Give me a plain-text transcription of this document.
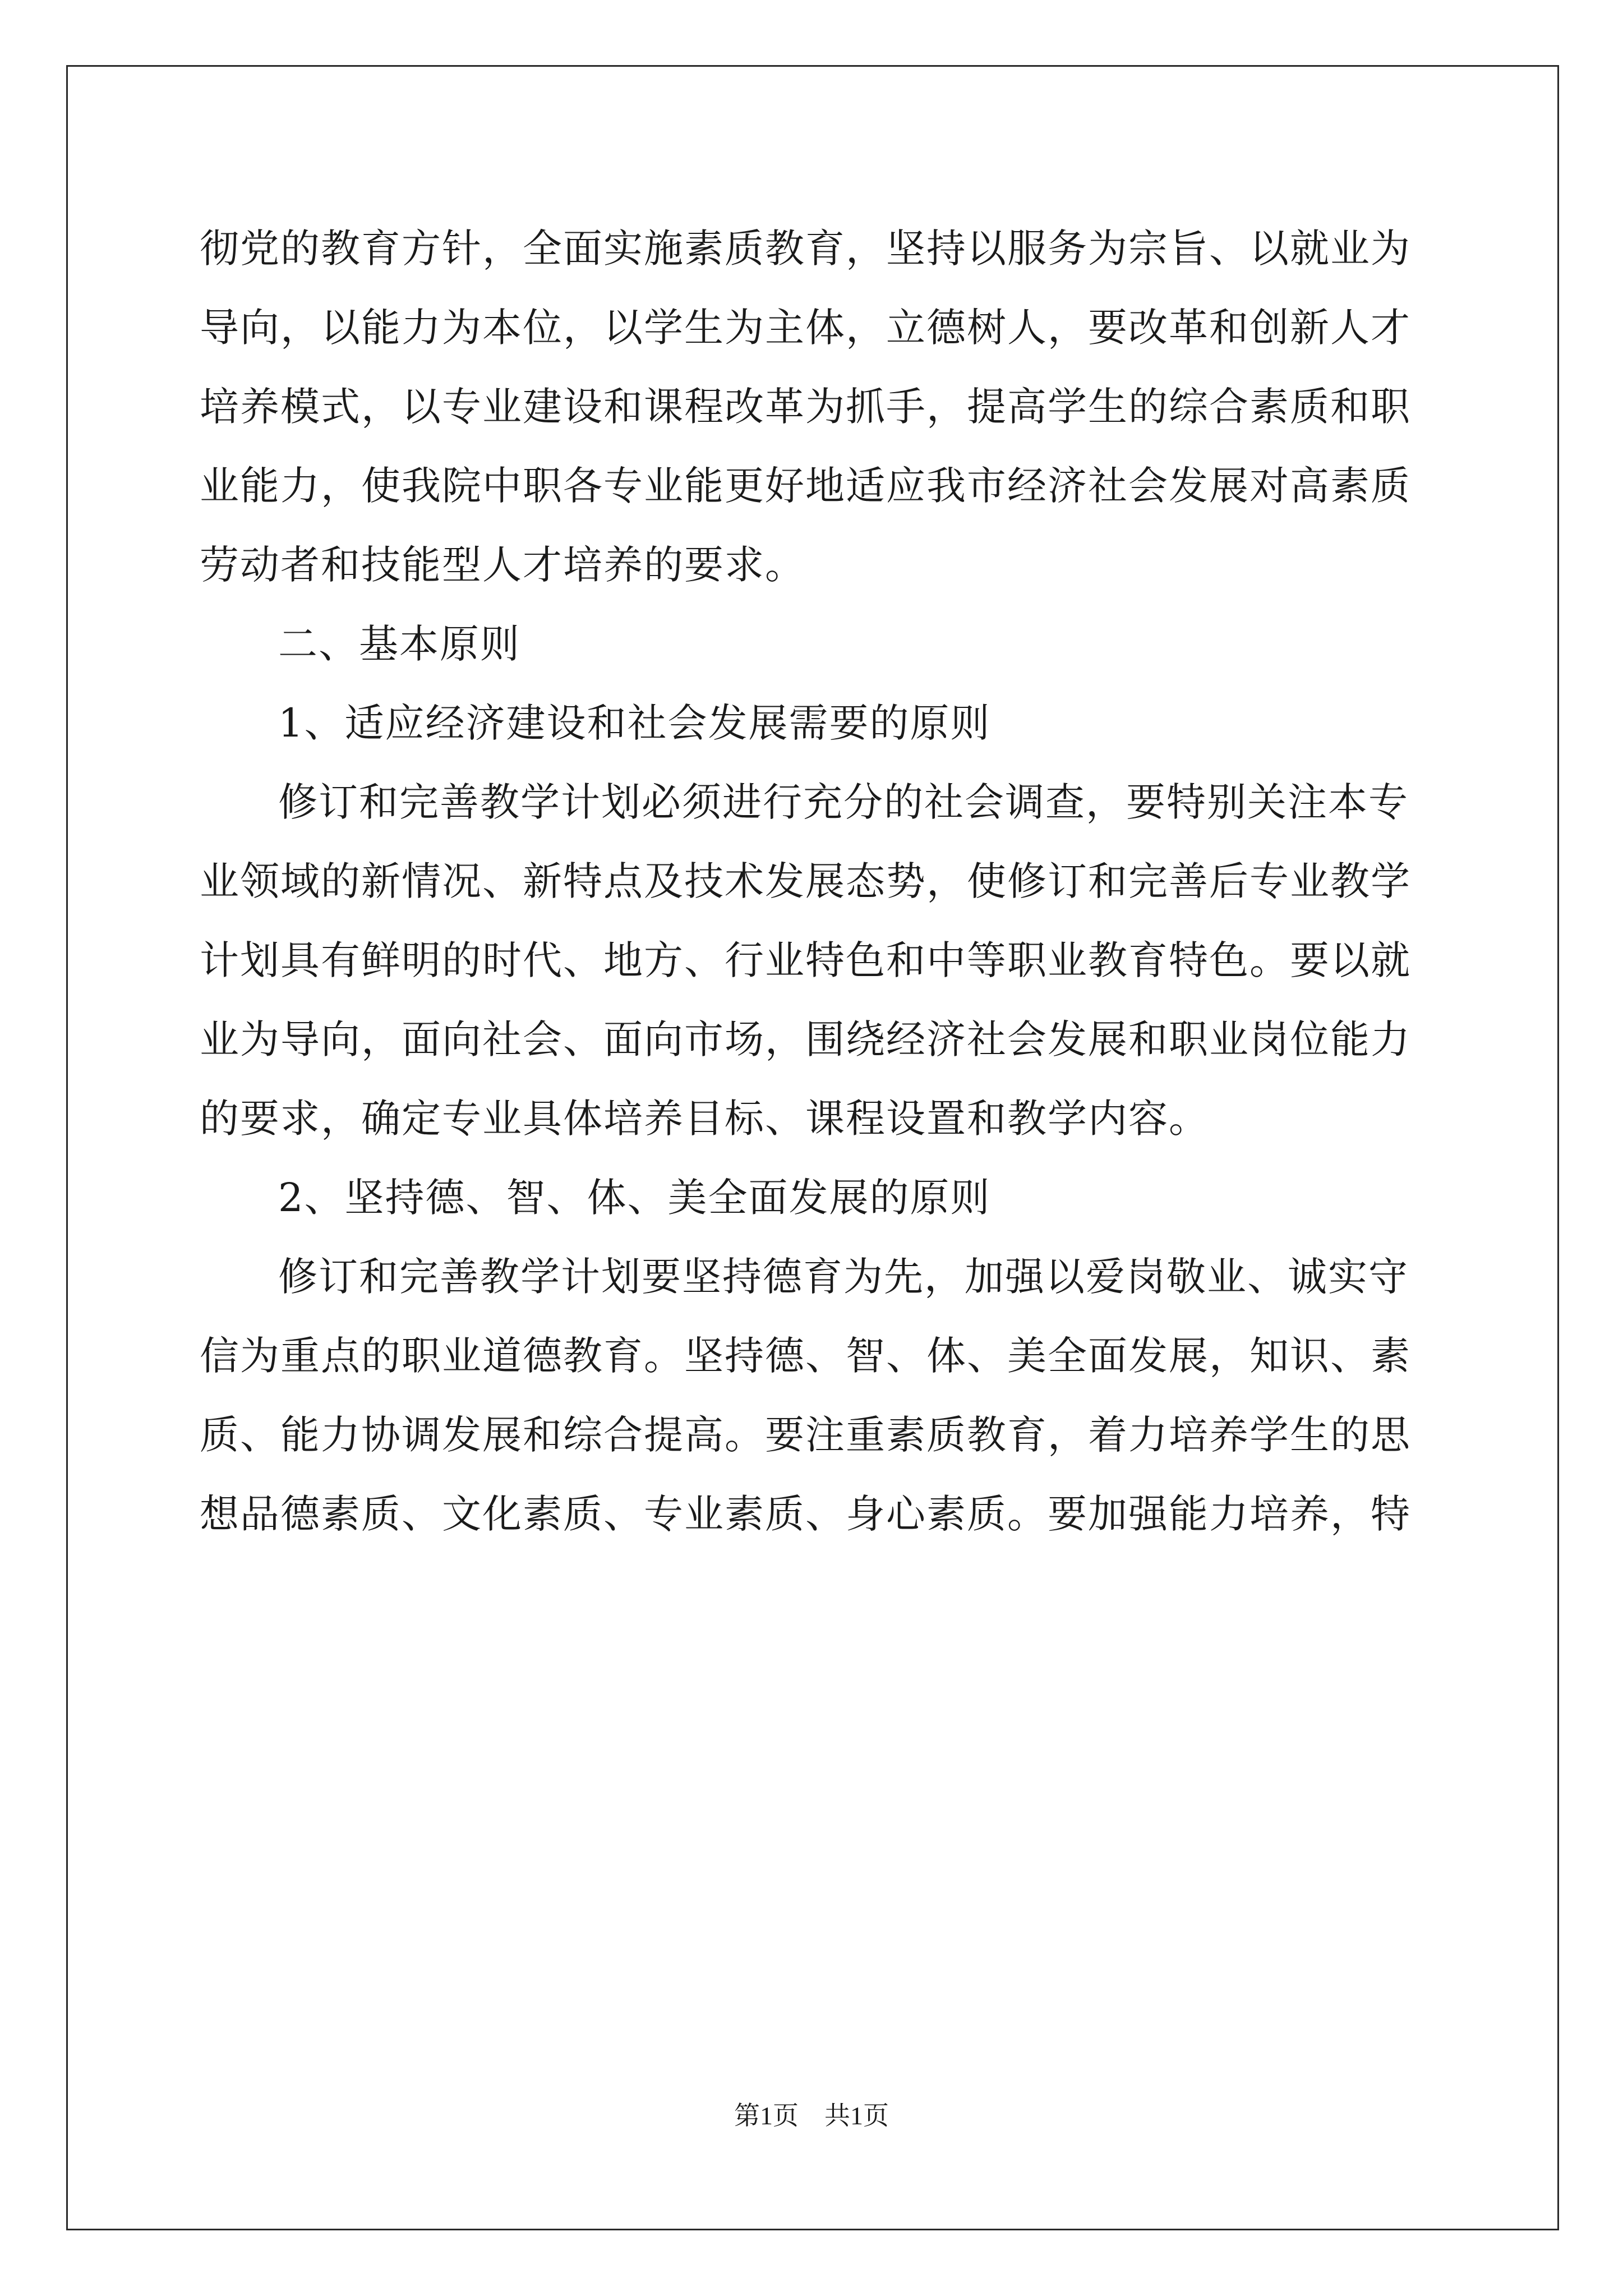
彻党的教育方针，全面实施素质教育，坚持以服务为宗旨、以就业为
导向，以能力为本位，以学生为主体，立德树人，要改革和创新人才
培养模式，以专业建设和课程改革为抓手，提高学生的综合素质和职
业能力，使我院中职各专业能更好地适应我市经济社会发展对高素质
劳动者和技能型人才培养的要求。
二、基本原则
1、适应经济建设和社会发展需要的原则
修订和完善教学计划必须进行充分的社会调查，要特别关注本专
业领域的新情况、新特点及技术发展态势，使修订和完善后专业教学
计划具有鲜明的时代、地方、行业特色和中等职业教育特色。要以就
业为导向，面向社会、面向市场，围绕经济社会发展和职业岗位能力
的要求，确定专业具体培养目标、课程设置和教学内容。
2、坚持德、智、体、美全面发展的原则
修订和完善教学计划要坚持德育为先，加强以爱岗敬业、诚实守
信为重点的职业道德教育。坚持德、智、体、美全面发展，知识、素
质、能力协调发展和综合提高。要注重素质教育，着力培养学生的思
想品德素质、文化素质、专业素质、身心素质。要加强能力培养，特
第1页　共1页
